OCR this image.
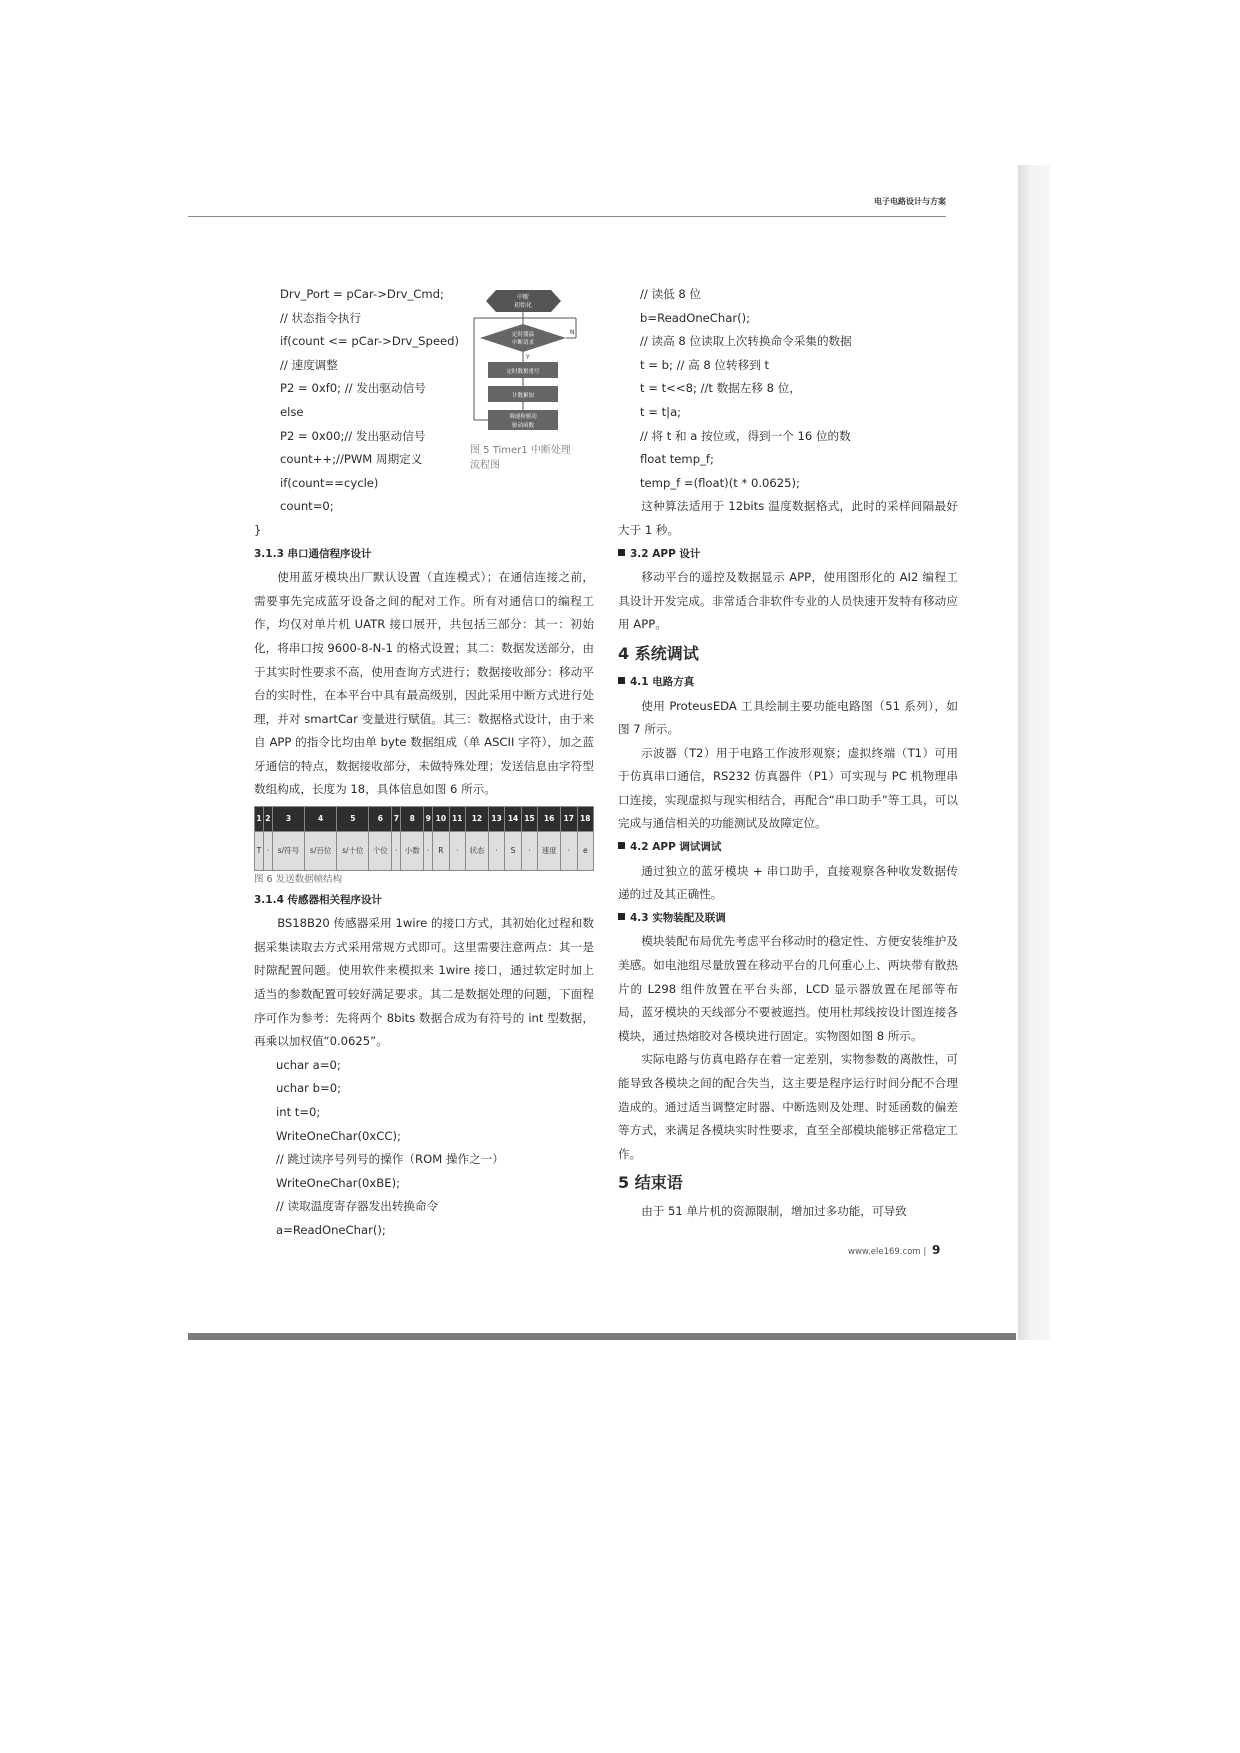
电子电路设计与方案

Drv_Port = pCar->Drv_Cmd;

// 状态指令执行

if(count <= pCar->Drv_Speed)

// 速度调整

P2 = 0xf0; // 发出驱动信号

else

P2 = 0x00;// 发出驱动信号

count++;//PWM 周期定义

if(count==cycle)

count=0;

}

中断
初始化
定时器溢
中断请求
N
Y
定时数据重写
计数累加
调速和驱动
驱动函数
图 5 Timer1 中断处理流程图

3.1.3 串口通信程序设计

使用蓝牙模块出厂默认设置（直连模式）；在通信连接之前，需要事先完成蓝牙设备之间的配对工作。所有对通信口的编程工作，均仅对单片机 UATR 接口展开，共包括三部分：其一：初始化，将串口按 9600-8-N-1 的格式设置；其二：数据发送部分，由于其实时性要求不高，使用查询方式进行；数据接收部分：移动平台的实时性，在本平台中具有最高级别，因此采用中断方式进行处理，并对 smartCar 变量进行赋值。其三：数据格式设计，由于来自 APP 的指令比均由单 byte 数据组成（单 ASCII 字符），加之蓝牙通信的特点，数据接收部分，未做特殊处理；发送信息由字符型数组构成，长度为 18，具体信息如图 6 所示。

1	2	3	4	5	6	7	8	9	10	11	12	13	14	15	16	17	18
T	·	s/符号	s/百位	s/十位	个位	·	小数	·	R	·	状态	·	S	·	速度	·	e

图 6 发送数据帧结构

3.1.4 传感器相关程序设计

BS18B20 传感器采用 1wire 的接口方式，其初始化过程和数据采集读取去方式采用常规方式即可。这里需要注意两点：其一是时隙配置问题。使用软件来模拟来 1wire 接口，通过软定时加上适当的参数配置可较好满足要求。其二是数据处理的问题，下面程序可作为参考：先将两个 8bits 数据合成为有符号的 int 型数据，再乘以加权值“0.0625”。

uchar a=0;

uchar b=0;

int t=0;

WriteOneChar(0xCC);

// 跳过读序号列号的操作（ROM 操作之一）

WriteOneChar(0xBE);

// 读取温度寄存器发出转换命令

a=ReadOneChar();

// 读低 8 位

b=ReadOneChar();

// 读高 8 位读取上次转换命令采集的数据

t = b; // 高 8 位转移到 t

t = t<<8; //t 数据左移 8 位，

t = t|a;

// 将 t 和 a 按位或，得到一个 16 位的数

float temp_f;

temp_f =(float)(t * 0.0625);

这种算法适用于 12bits 温度数据格式，此时的采样间隔最好大于 1 秒。

3.2 APP 设计

移动平台的遥控及数据显示 APP，使用图形化的 AI2 编程工具设计开发完成。非常适合非软件专业的人员快速开发特有移动应用 APP。

4 系统调试

4.1 电路方真

使用 ProteusEDA 工具绘制主要功能电路图（51 系列），如图 7 所示。

示波器（T2）用于电路工作波形观察；虚拟终端（T1）可用于仿真串口通信，RS232 仿真器件（P1）可实现与 PC 机物理串口连接，实现虚拟与现实相结合，再配合“串口助手”等工具，可以完成与通信相关的功能测试及故障定位。

4.2 APP 调试调试

通过独立的蓝牙模块 + 串口助手，直接观察各种收发数据传递的过及其正确性。

4.3 实物装配及联调

模块装配布局优先考虑平台移动时的稳定性、方便安装维护及美感。如电池组尽量放置在移动平台的几何重心上、两块带有散热片的 L298 组件放置在平台头部，LCD 显示器放置在尾部等布局，蓝牙模块的天线部分不要被遮挡。使用杜邦线按设计图连接各模块，通过热熔胶对各模块进行固定。实物图如图 8 所示。

实际电路与仿真电路存在着一定差别，实物参数的离散性，可能导致各模块之间的配合失当，这主要是程序运行时间分配不合理造成的。通过适当调整定时器、中断选则及处理、时延函数的偏差等方式，来满足各模块实时性要求，直至全部模块能够正常稳定工作。

5 结束语

由于 51 单片机的资源限制，增加过多功能，可导致

www.ele169.com | 9
